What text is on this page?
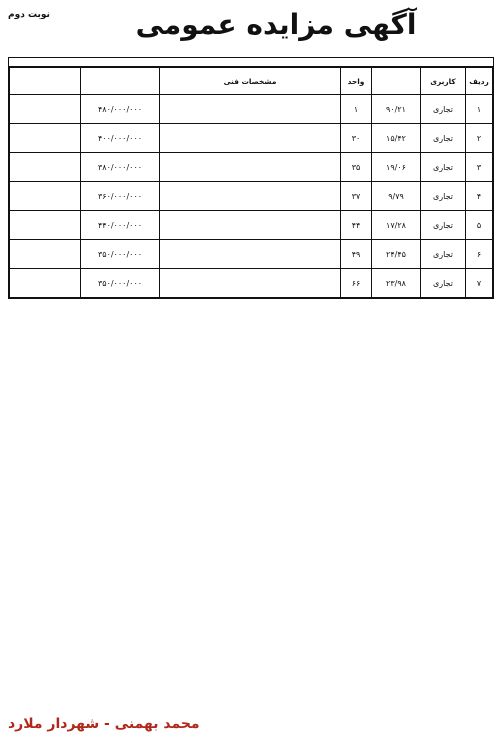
نوبت دوم	آگهی مزایده عمومی

ردیف	کاربری		واحد	مشخصات فنی		
۱	تجاری	۹۰/۲۱	۱		۴۸۰/۰۰۰/۰۰۰	
۲	تجاری	۱۵/۴۲	۳۰		۴۰۰/۰۰۰/۰۰۰	
۳	تجاری	۱۹/۰۶	۳۵		۳۸۰/۰۰۰/۰۰۰	
۴	تجاری	۹/۷۹	۳۷		۳۶۰/۰۰۰/۰۰۰	
۵	تجاری	۱۷/۲۸	۴۴		۴۴۰/۰۰۰/۰۰۰	
۶	تجاری	۲۴/۴۵	۴۹		۳۵۰/۰۰۰/۰۰۰	
۷	تجاری	۲۳/۹۸	۶۶		۳۵۰/۰۰۰/۰۰۰	
محمد بهمنی - شهردار ملارد
